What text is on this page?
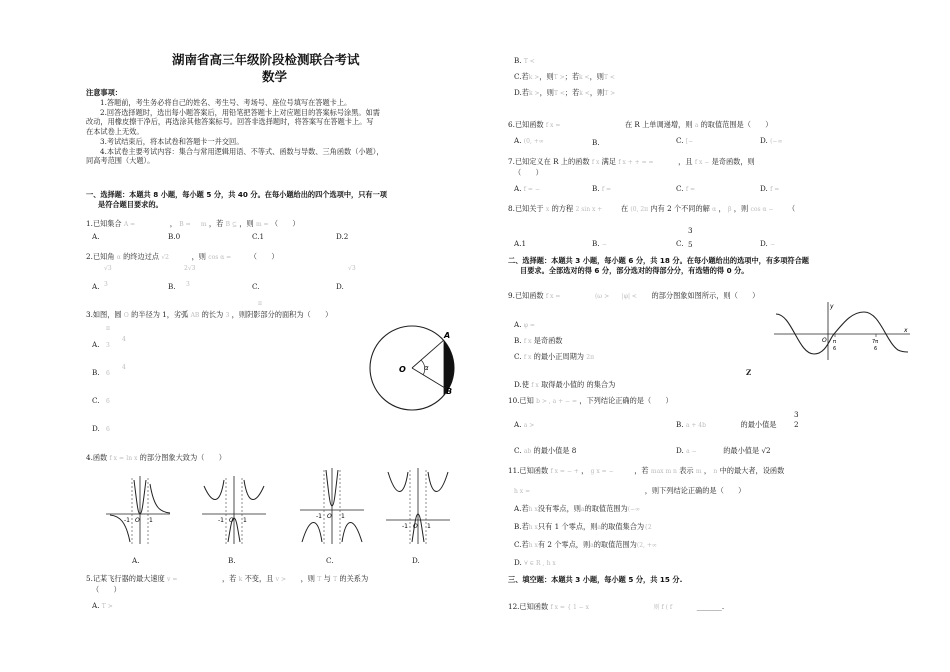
湖南省高三年级阶段检测联合考试
数学
注意事项：

1.答题前，考生务必将自己的姓名、考生号、考场号、座位号填写在答题卡上。

2.回答选择题时，选出每小题答案后，用铅笔把答题卡上对应题目的答案标号涂黑。如需

改动，用橡皮擦干净后，再选涂其他答案标号。回答非选择题时，将答案写在答题卡上。写

在本试卷上无效。

3.考试结束后，将本试卷和答题卡一并交回。

4.本试卷主要考试内容：集合与常用逻辑用语、不等式、函数与导数、三角函数（小题），

同高考范围（大题）。

一、选择题：本题共 8 小题，每小题 5 分，共 40 分。在每小题给出的四个选项中，只有一项
是符合题目要求的。
1.已知集合 A =	， B = m ，若 B ⊆ ，则 m = （　　）
A.	B.0	C.1	D.2
2.已知角 α 的终边过点 √2	，则 cos α =	（　　）
√3
A. 3
2√3
B. 3	C.
√3
D.
3.如图，圆 O 的半径为 1，劣弧 AB 的长为 3 ，则阴影部分的面积为（　　）
π
π
A. 3
4
B. 6
4
C. 6
D. 6
A
B
O	α
4.函数 f x = ln x 的部分图象大致为（　　）
-1 O 1	-1 O 1
-1 O 1
-1 O 1
A.	B.	C.	D.
5.记某飞行器的最大速度 v =	，若 k 不变，且 v > ，则 T 与 T 的关系为
（　　）
A. T >
B. T <
C.若k >，则T >；若k <，则T <
D.若k >，则T <；若k <，则T >
6.已知函数 f x =	在 R 上单调递增，则 a 的取值范围是（　　）
A. (0, +∞	B.	C. [−	D. (−∞
7.已知定义在 R 上的函数 f x 满足 f x + + = =	，且 f x − 是奇函数，则
（　　）
A. f = −	B. f =	C. f =	D. f =
8.已知关于 x 的方程 2 sin x +	在 (0, 2π 内有 2 个不同的解 α ， β ，则 cos α − （
A.1	B. −	C.
3
5	D. −
二、选择题：本题共 3 小题，每小题 6 分，共 18 分。在每小题给出的选项中，有多项符合题
目要求。全部选对的得 6 分，部分选对的得部分分，有选错的得 0 分。
9.已知函数 f x =	(ω > |φ| < 的部分图象如图所示，则（　　）
A. φ =
B. f x 是奇函数
C. f x 的最小正周期为 2π
D.使 f x 取得最小值的 的集合为
Z
y
x
O π
6
7π
6
10.已知 b > , a + − = ，下列结论正确的是（　　）
A. a >	B. a + 4b	的最小值是
3
2
C. ab 的最小值是 8	D. a −	的最小值是 √2
11.已知函数 f x = − + ， g x = −	，若 max m n 表示 m ， n 中的最大者，设函数
h x =	，则下列结论正确的是（　　）
A.若h x没有零点，则a的取值范围为(−∞
B.若h x只有 1 个零点，则a的取值集合为{2
C.若h x有 2 个零点，则a的取值范围为(2, +∞
D. ∀ ∈ R , h x
三、填空题：本题共 3 小题，每小题 5 分，共 15 分.
12.已知函数 f x = { 1 − x	则 f ( f	_______.
